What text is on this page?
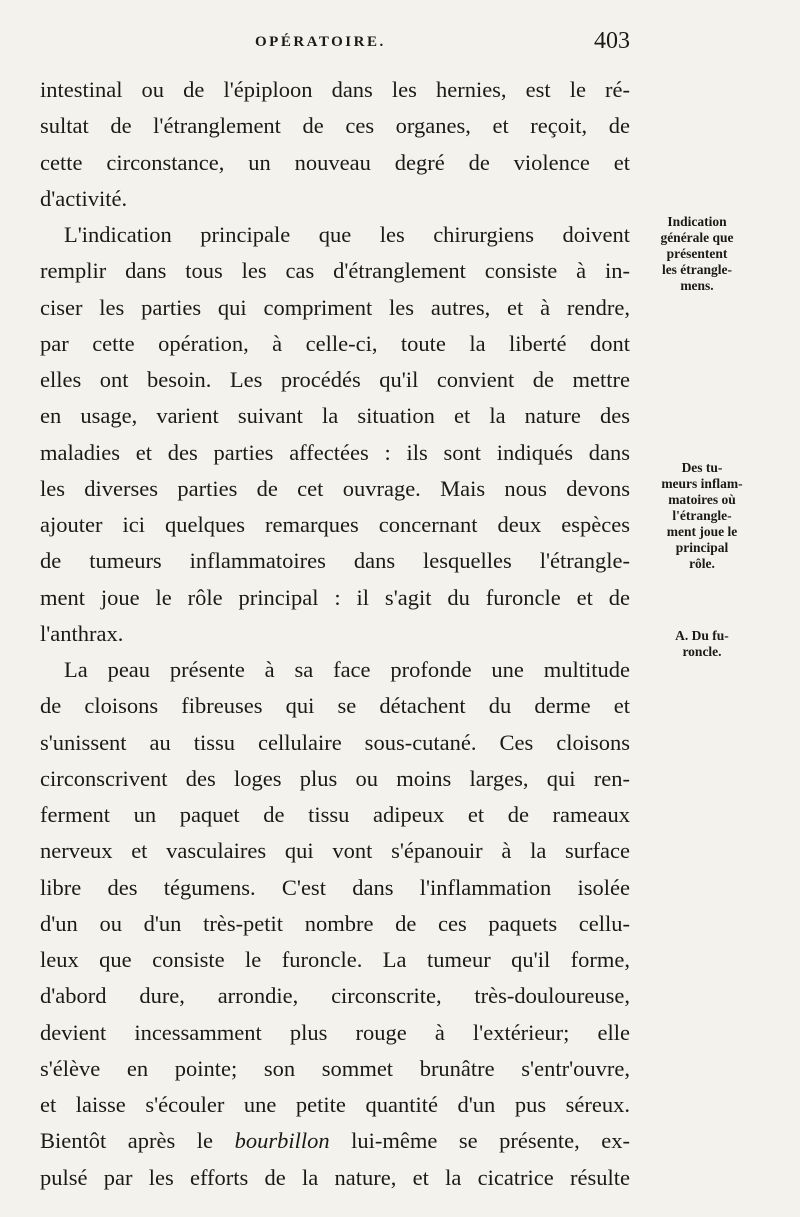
OPÉRATOIRE.	403
intestinal ou de l'épiploon dans les hernies, est le ré-
sultat de l'étranglement de ces organes, et reçoit, de
cette circonstance, un nouveau degré de violence et
d'activité.
L'indication principale que les chirurgiens doivent
remplir dans tous les cas d'étranglement consiste à in-
ciser les parties qui compriment les autres, et à rendre,
par cette opération, à celle-ci, toute la liberté dont
elles ont besoin. Les procédés qu'il convient de mettre
en usage, varient suivant la situation et la nature des
maladies et des parties affectées : ils sont indiqués dans
les diverses parties de cet ouvrage. Mais nous devons
ajouter ici quelques remarques concernant deux espèces
de tumeurs inflammatoires dans lesquelles l'étrangle-
ment joue le rôle principal : il s'agit du furoncle et de
l'anthrax.
La peau présente à sa face profonde une multitude
de cloisons fibreuses qui se détachent du derme et
s'unissent au tissu cellulaire sous-cutané. Ces cloisons
circonscrivent des loges plus ou moins larges, qui ren-
ferment un paquet de tissu adipeux et de rameaux
nerveux et vasculaires qui vont s'épanouir à la surface
libre des tégumens. C'est dans l'inflammation isolée
d'un ou d'un très-petit nombre de ces paquets cellu-
leux que consiste le furoncle. La tumeur qu'il forme,
d'abord dure, arrondie, circonscrite, très-douloureuse,
devient incessamment plus rouge à l'extérieur; elle
s'élève en pointe; son sommet brunâtre s'entr'ouvre,
et laisse s'écouler une petite quantité d'un pus séreux.
Bientôt après le bourbillon lui-même se présente, ex-
pulsé par les efforts de la nature, et la cicatrice résulte
Indication
générale que
présentent
les étrangle-
mens.
Des tu-
meurs inflam-
matoires où
l'étrangle-
ment joue le
principal
rôle.
A. Du fu-
roncle.
